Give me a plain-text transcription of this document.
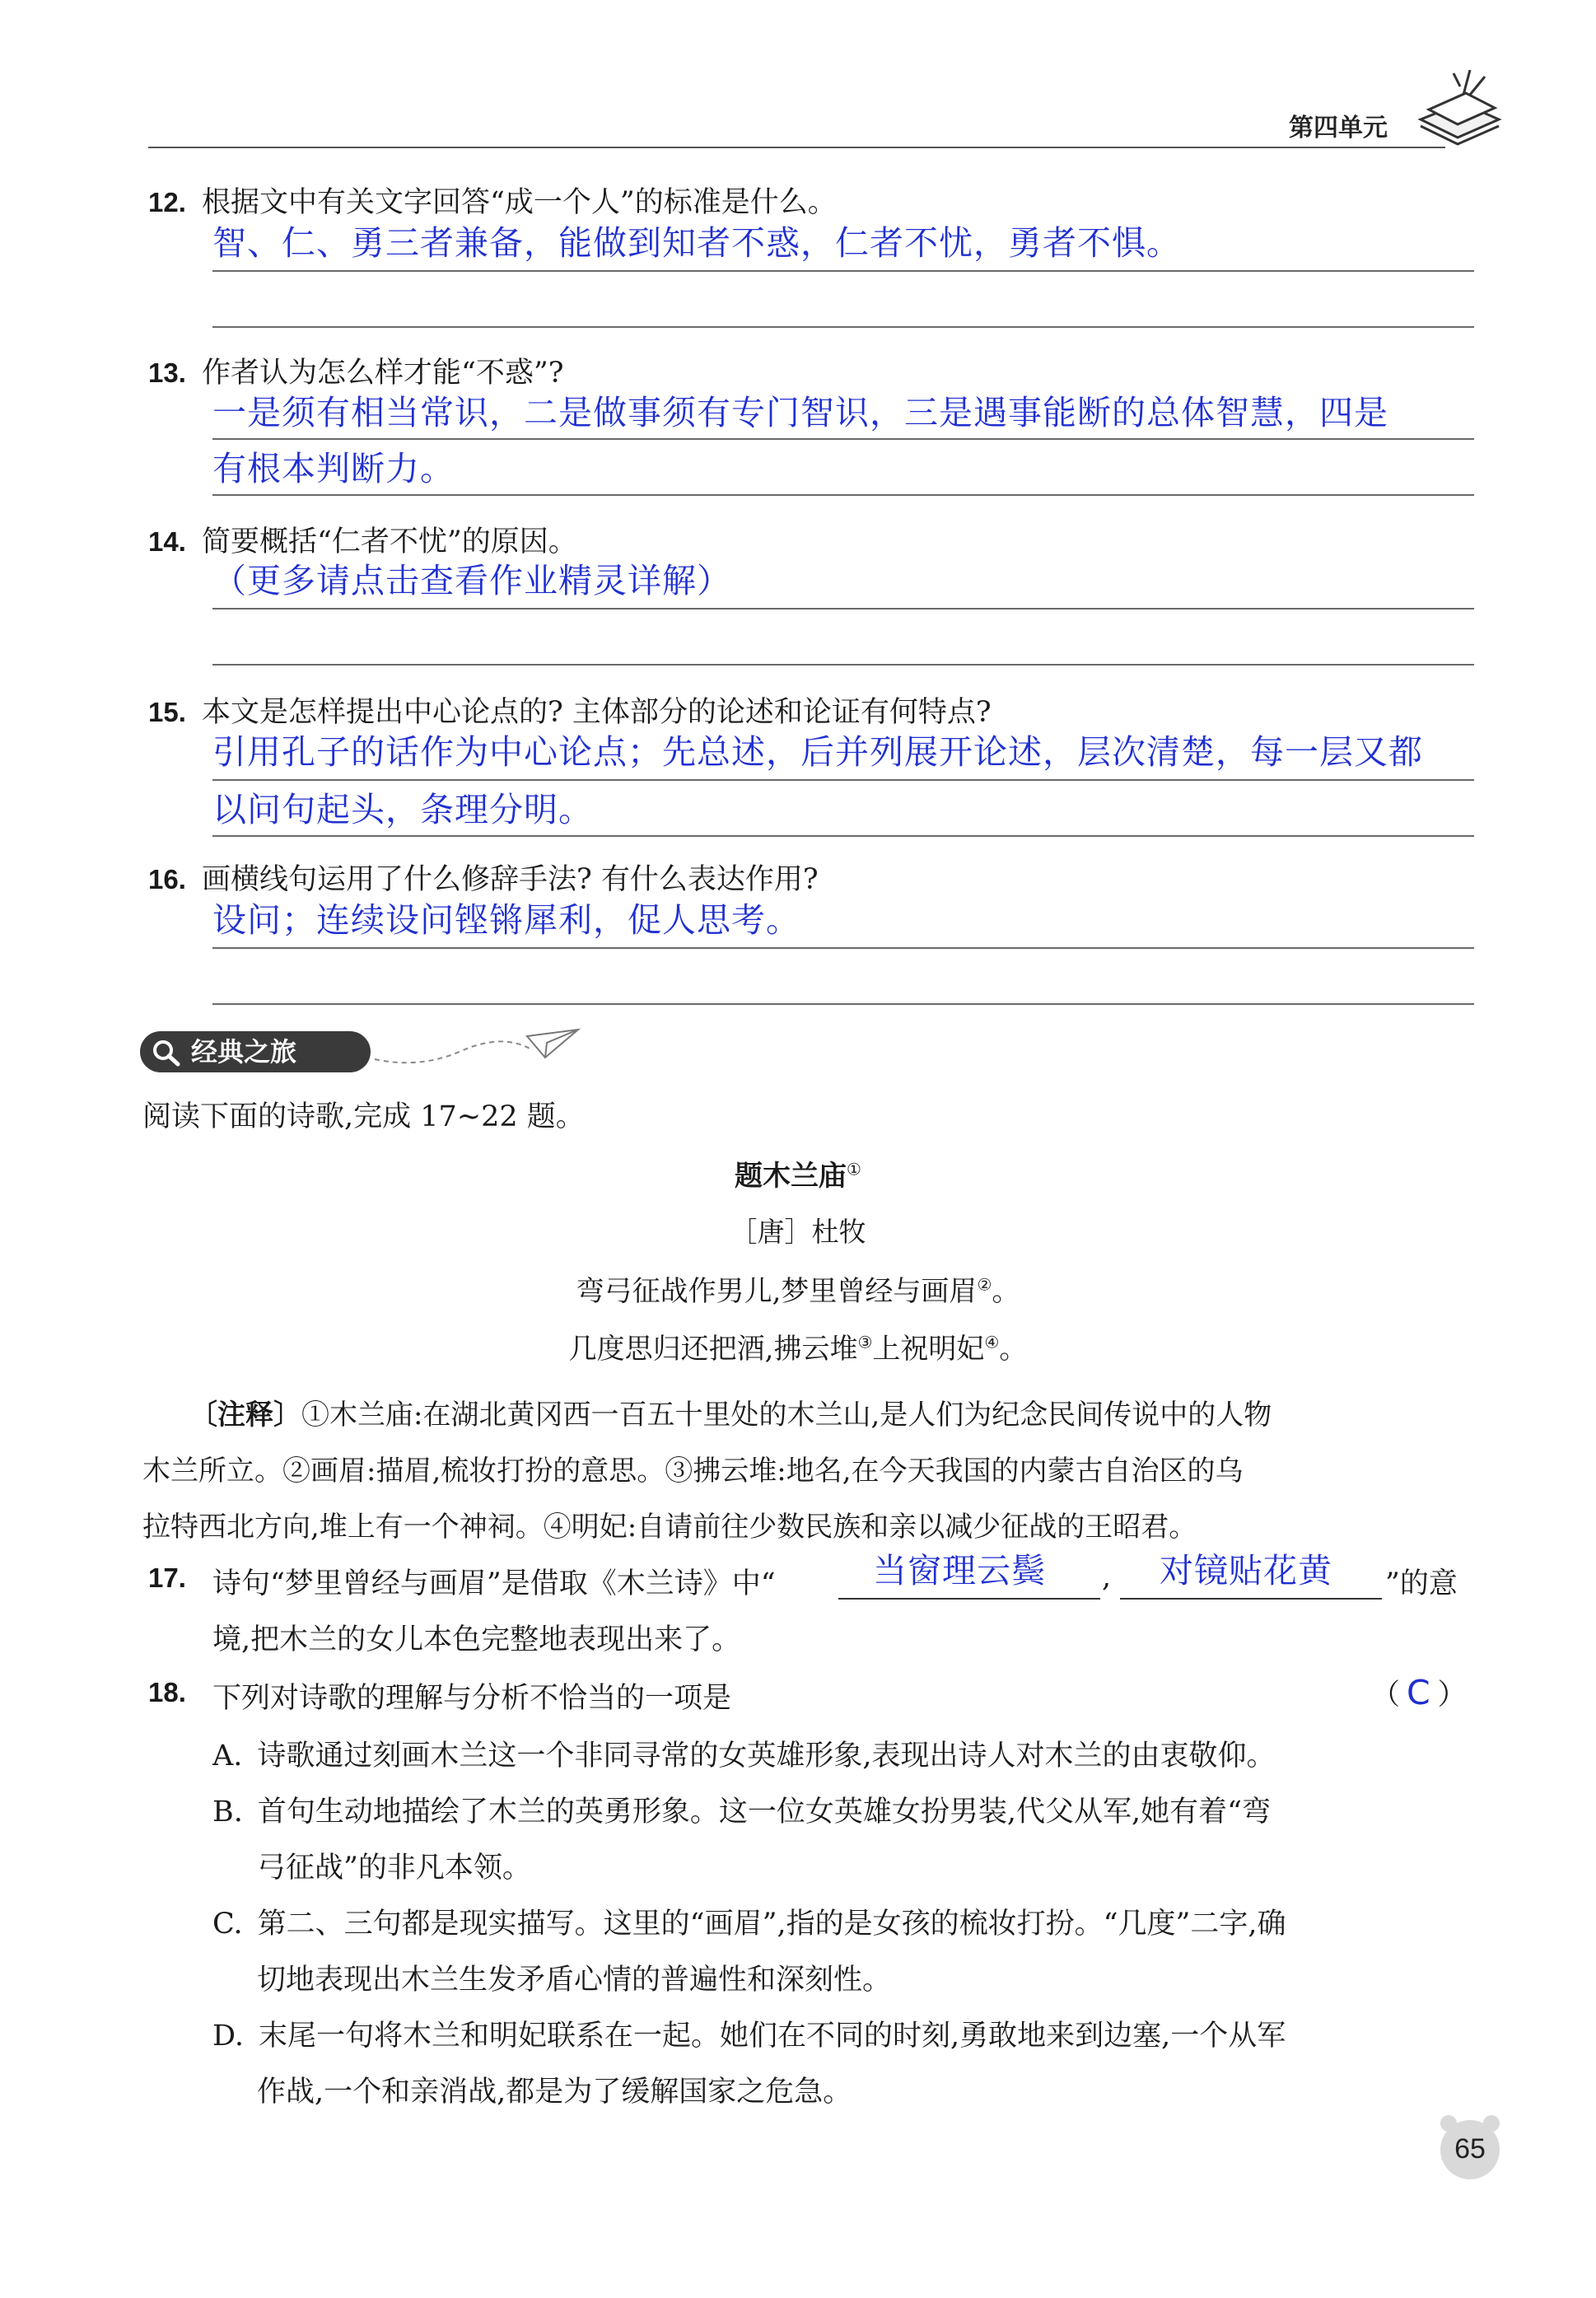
第四单元
12. 根据文中有关文字回答“成一个人”的标准是什么。
智、仁、勇三者兼备，能做到知者不惑，仁者不忧，勇者不惧。
13. 作者认为怎么样才能“不惑”?
一是须有相当常识，二是做事须有专门智识，三是遇事能断的总体智慧，四是
有根本判断力。
14. 简要概括“仁者不忧”的原因。
（更多请点击查看作业精灵详解）
15. 本文是怎样提出中心论点的? 主体部分的论述和论证有何特点?
引用孔子的话作为中心论点；先总述，后并列展开论述，层次清楚，每一层又都
以问句起头，条理分明。
16. 画横线句运用了什么修辞手法? 有什么表达作用?
设问；连续设问铿锵犀利，促人思考。
经典之旅
阅读下面的诗歌,完成 17~22 题。
题木兰庙①
［唐］杜牧
弯弓征战作男儿,梦里曾经与画眉②。
几度思归还把酒,拂云堆③上祝明妃④。
〔注释〕①木兰庙:在湖北黄冈西一百五十里处的木兰山,是人们为纪念民间传说中的人物
木兰所立。②画眉:描眉,梳妆打扮的意思。③拂云堆:地名,在今天我国的内蒙古自治区的乌
拉特西北方向,堆上有一个神祠。④明妃:自请前往少数民族和亲以减少征战的王昭君。
17. 诗句“梦里曾经与画眉”是借取《木兰诗》中“	当窗理云鬓 , 对镜贴花黄 ”的意
境,把木兰的女儿本色完整地表现出来了。
18. 下列对诗歌的理解与分析不恰当的一项是	（ C ）
A. 诗歌通过刻画木兰这一个非同寻常的女英雄形象,表现出诗人对木兰的由衷敬仰。
B. 首句生动地描绘了木兰的英勇形象。这一位女英雄女扮男装,代父从军,她有着“弯
弓征战”的非凡本领。
C. 第二、三句都是现实描写。这里的“画眉”,指的是女孩的梳妆打扮。“几度”二字,确
切地表现出木兰生发矛盾心情的普遍性和深刻性。
D. 末尾一句将木兰和明妃联系在一起。她们在不同的时刻,勇敢地来到边塞,一个从军
作战,一个和亲消战,都是为了缓解国家之危急。
65
